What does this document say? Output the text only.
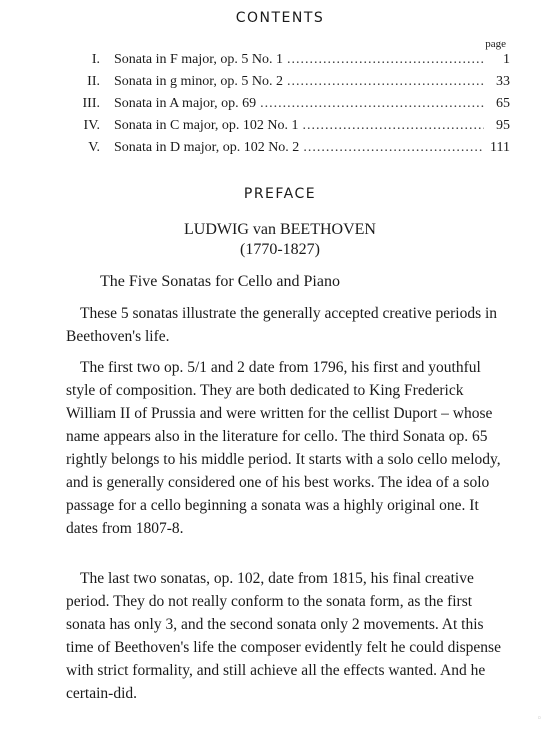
CONTENTS
page
I.	Sonata in F major, op. 5 No. 1 .....	1
II.	Sonata in g minor, op. 5 No. 2 .....	33
III.	Sonata in A major, op. 69 .....	65
IV.	Sonata in C major, op. 102 No. 1 .....	95
V.	Sonata in D major, op. 102 No. 2 .....	111
PREFACE
LUDWIG van BEETHOVEN
(1770-1827)
The Five Sonatas for Cello and Piano

These 5 sonatas illustrate the generally accepted creative periods in Beethoven's life.

The first two op. 5/1 and 2 date from 1796, his first and youthful style of composition. They are both dedicated to King Frederick William II of Prussia and were written for the cellist Duport – whose name appears also in the literature for cello. The third Sonata op. 65 rightly belongs to his middle period. It starts with a solo cello melody, and is generally considered one of his best works. The idea of a solo passage for a cello beginning a sonata was a highly original one. It dates from 1807-8.

The last two sonatas, op. 102, date from 1815, his final creative period. They do not really conform to the sonata form, as the first sonata has only 3, and the second sonata only 2 movements. At this time of Beethoven's life the composer evidently felt he could dispense with strict formality, and still achieve all the effects wanted. And he certain-did.

◦
